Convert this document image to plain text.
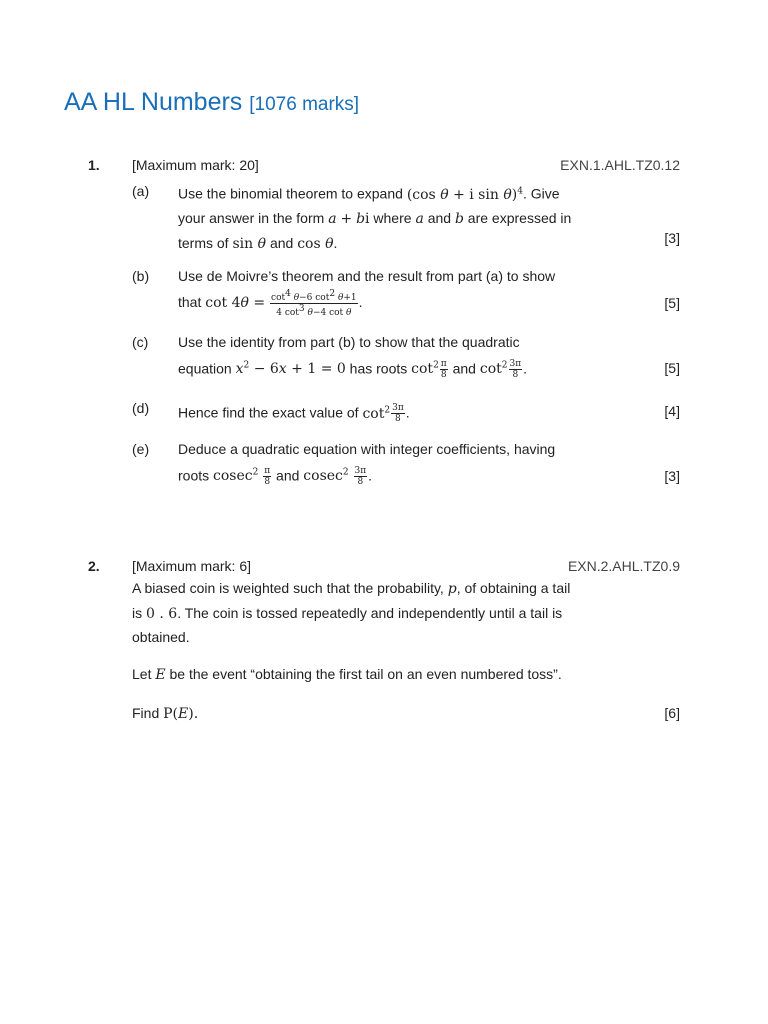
AA HL Numbers [1076 marks]
1. [Maximum mark: 20]	EXN.1.AHL.TZ0.12
(a) Use the binomial theorem to expand (cos θ + i sin θ)$^4$. Give your answer in the form a + bi where a and b are expressed in terms of sin θ and cos θ.	[3]
(b) Use de Moivre’s theorem and the result from part (a) to show
that $\cot 4\theta = \frac{\cot^4 \theta-6 \cot^2 \theta+1}{4 \cot^3 \theta-4 \cot \theta}$ .	[5]
(c) Use the identity from part (b) to show that the quadratic
equation $x^2 - 6x + 1 = 0$ has roots $\cot^2 \frac{\pi}{8}$ and $\cot^2 \frac{3\pi}{8}$ .	[5]
(d) Hence find the exact value of $\cot^2 \frac{3\pi}{8}$ .	[4]
(e) Deduce a quadratic equation with integer coefficients, having
roots $cosec^2 \frac{\pi}{8}$ and $cosec^2 \frac{3\pi}{8}$ .	[3]
2. [Maximum mark: 6]	EXN.2.AHL.TZ0.9
A biased coin is weighted such that the probability, p, of obtaining a tail is 0 . 6. The coin is tossed repeatedly and independently until a tail is obtained.
Let E be the event “obtaining the first tail on an even numbered toss”.
Find P(E).	[6]
